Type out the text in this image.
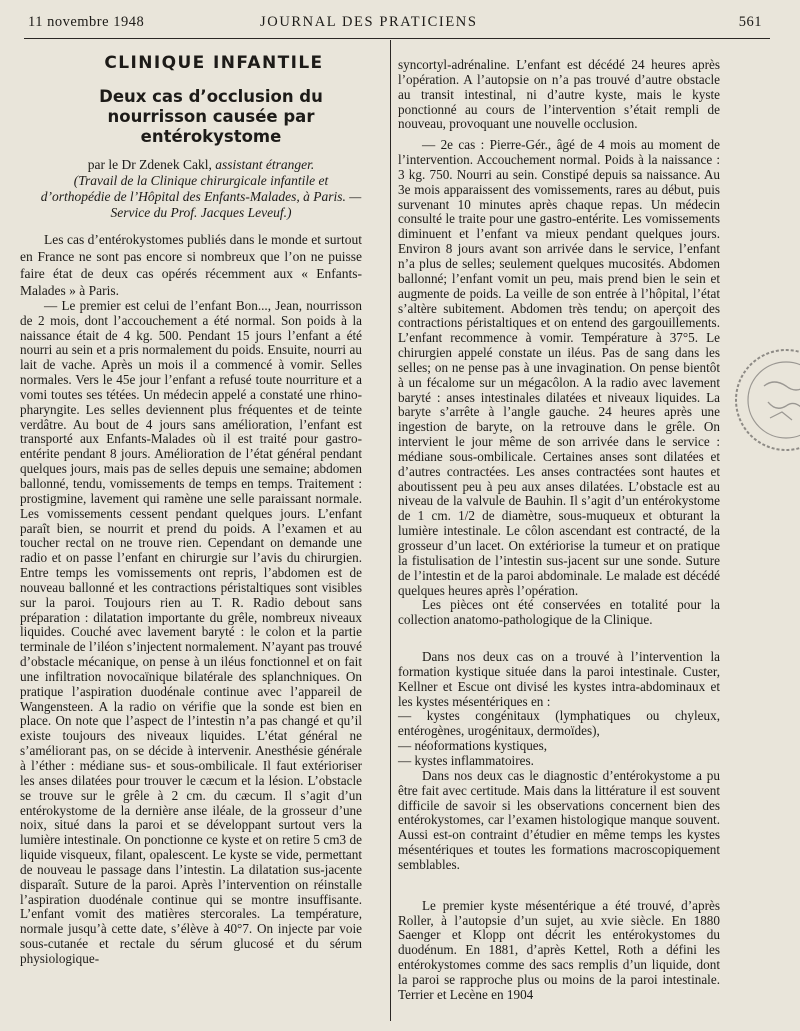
11 novembre 1948	JOURNAL DES PRATICIENS	561
CLINIQUE INFANTILE
Deux cas d’occlusion du nourrisson causée par entérokystome
par le Dr Zdenek Cakl, assistant étranger.
(Travail de la Clinique chirurgicale infantile et d’orthopédie de l’Hôpital des Enfants-Malades, à Paris. — Service du Prof. Jacques Leveuf.)

Les cas d’entérokystomes publiés dans le monde et surtout en France ne sont pas encore si nombreux que l’on ne puisse faire état de deux cas opérés récemment aux « Enfants-Malades » à Paris.

— Le premier est celui de l’enfant Bon..., Jean, nourrisson de 2 mois, dont l’accouchement a été normal. Son poids à la naissance était de 4 kg. 500. Pendant 15 jours l’enfant a été nourri au sein et a pris normalement du poids. Ensuite, nourri au lait de vache. Après un mois il a commencé à vomir. Selles normales. Vers le 45e jour l’enfant a refusé toute nourriture et a vomi toutes ses tétées. Un médecin appelé a constaté une rhino-pharyngite. Les selles deviennent plus fréquentes et de teinte verdâtre. Au bout de 4 jours sans amélioration, l’enfant est transporté aux Enfants-Malades où il est traité pour gastro-entérite pendant 8 jours. Amélioration de l’état général pendant quelques jours, mais pas de selles depuis une semaine; abdomen ballonné, tendu, vomissements de temps en temps. Traitement : prostigmine, lavement qui ramène une selle paraissant normale. Les vomissements cessent pendant quelques jours. L’enfant paraît bien, se nourrit et prend du poids. A l’examen et au toucher rectal on ne trouve rien. Cependant on demande une radio et on passe l’enfant en chirurgie sur l’avis du chirurgien. Entre temps les vomissements ont repris, l’abdomen est de nouveau ballonné et les contractions péristaltiques sont visibles sur la paroi. Toujours rien au T. R. Radio debout sans préparation : dilatation importante du grêle, nombreux niveaux liquides. Couché avec lavement baryté : le colon et la partie terminale de l’iléon s’injectent normalement. N’ayant pas trouvé d’obstacle mécanique, on pense à un iléus fonctionnel et on fait une infiltration novocaïnique bilatérale des splanchniques. On pratique l’aspiration duodénale continue avec l’appareil de Wangensteen. A la radio on vérifie que la sonde est bien en place. On note que l’aspect de l’intestin n’a pas changé et qu’il existe toujours des niveaux liquides. L’état général ne s’améliorant pas, on se décide à intervenir. Anesthésie générale à l’éther : médiane sus- et sous-ombilicale. Il faut extérioriser les anses dilatées pour trouver le cæcum et la lésion. L’obstacle se trouve sur le grêle à 2 cm. du cæcum. Il s’agit d’un entérokystome de la dernière anse iléale, de la grosseur d’une noix, situé dans la paroi et se développant surtout vers la lumière intestinale. On ponctionne ce kyste et on retire 5 cm3 de liquide visqueux, filant, opalescent. Le kyste se vide, permettant de nouveau le passage dans l’intestin. La dilatation sus-jacente disparaît. Suture de la paroi. Après l’intervention on réinstalle l’aspiration duodénale continue qui se montre insuffisante. L’enfant vomit des matières stercorales. La température, normale jusqu’à cette date, s’élève à 40°7. On injecte par voie sous-cutanée et rectale du sérum glucosé et du sérum physiologique-

syncortyl-adrénaline. L’enfant est décédé 24 heures après l’opération. A l’autopsie on n’a pas trouvé d’autre obstacle au transit intestinal, ni d’autre kyste, mais le kyste ponctionné au cours de l’intervention s’était rempli de nouveau, provoquant une nouvelle occlusion.

— 2e cas : Pierre-Gér., âgé de 4 mois au moment de l’intervention. Accouchement normal. Poids à la naissance : 3 kg. 750. Nourri au sein. Constipé depuis sa naissance. Au 3e mois apparaissent des vomissements, rares au début, puis survenant 10 minutes après chaque repas. Un médecin consulté le traite pour une gastro-entérite. Les vomissements diminuent et l’enfant va mieux pendant quelques jours. Environ 8 jours avant son arrivée dans le service, l’enfant n’a plus de selles; seulement quelques mucosités. Abdomen ballonné; l’enfant vomit un peu, mais prend bien le sein et augmente de poids. La veille de son entrée à l’hôpital, l’état s’altère subitement. Abdomen très tendu; on aperçoit des contractions péristaltiques et on entend des gargouillements. L’enfant recommence à vomir. Température à 37°5. Le chirurgien appelé constate un iléus. Pas de sang dans les selles; on ne pense pas à une invagination. On pense bientôt à un fécalome sur un mégacôlon. A la radio avec lavement baryté : anses intestinales dilatées et niveaux liquides. La baryte s’arrête à l’angle gauche. 24 heures après une ingestion de baryte, on la retrouve dans le grêle. On intervient le jour même de son arrivée dans le service : médiane sous-ombilicale. Certaines anses sont dilatées et d’autres contractées. Les anses contractées sont hautes et aboutissent peu à peu aux anses dilatées. L’obstacle est au niveau de la valvule de Bauhin. Il s’agit d’un entérokystome de 1 cm. 1/2 de diamètre, sous-muqueux et obturant la lumière intestinale. Le côlon ascendant est contracté, de la grosseur d’un lacet. On extériorise la tumeur et on pratique la fistulisation de l’intestin sus-jacent sur une sonde. Suture de l’intestin et de la paroi abdominale. Le malade est décédé quelques heures après l’opération.

Les pièces ont été conservées en totalité pour la collection anatomo-pathologique de la Clinique.

Dans nos deux cas on a trouvé à l’intervention la formation kystique située dans la paroi intestinale. Custer, Kellner et Escue ont divisé les kystes intra-abdominaux et les kystes mésentériques en :

— kystes congénitaux (lymphatiques ou chyleux, entérogènes, urogénitaux, dermoïdes),

— néoformations kystiques,

— kystes inflammatoires.

Dans nos deux cas le diagnostic d’entérokystome a pu être fait avec certitude. Mais dans la littérature il est souvent difficile de savoir si les observations concernent bien des entérokystomes, car l’examen histologique manque souvent. Aussi est-on contraint d’étudier en même temps les kystes mésentériques et toutes les formations macroscopiquement semblables.

Le premier kyste mésentérique a été trouvé, d’après Roller, à l’autopsie d’un sujet, au xvie siècle. En 1880 Saenger et Klopp ont décrit les entérokystomes du duodénum. En 1881, d’après Kettel, Roth a défini les entérokystomes comme des sacs remplis d’un liquide, dont la paroi se rapproche plus ou moins de la paroi intestinale. Terrier et Lecène en 1904
